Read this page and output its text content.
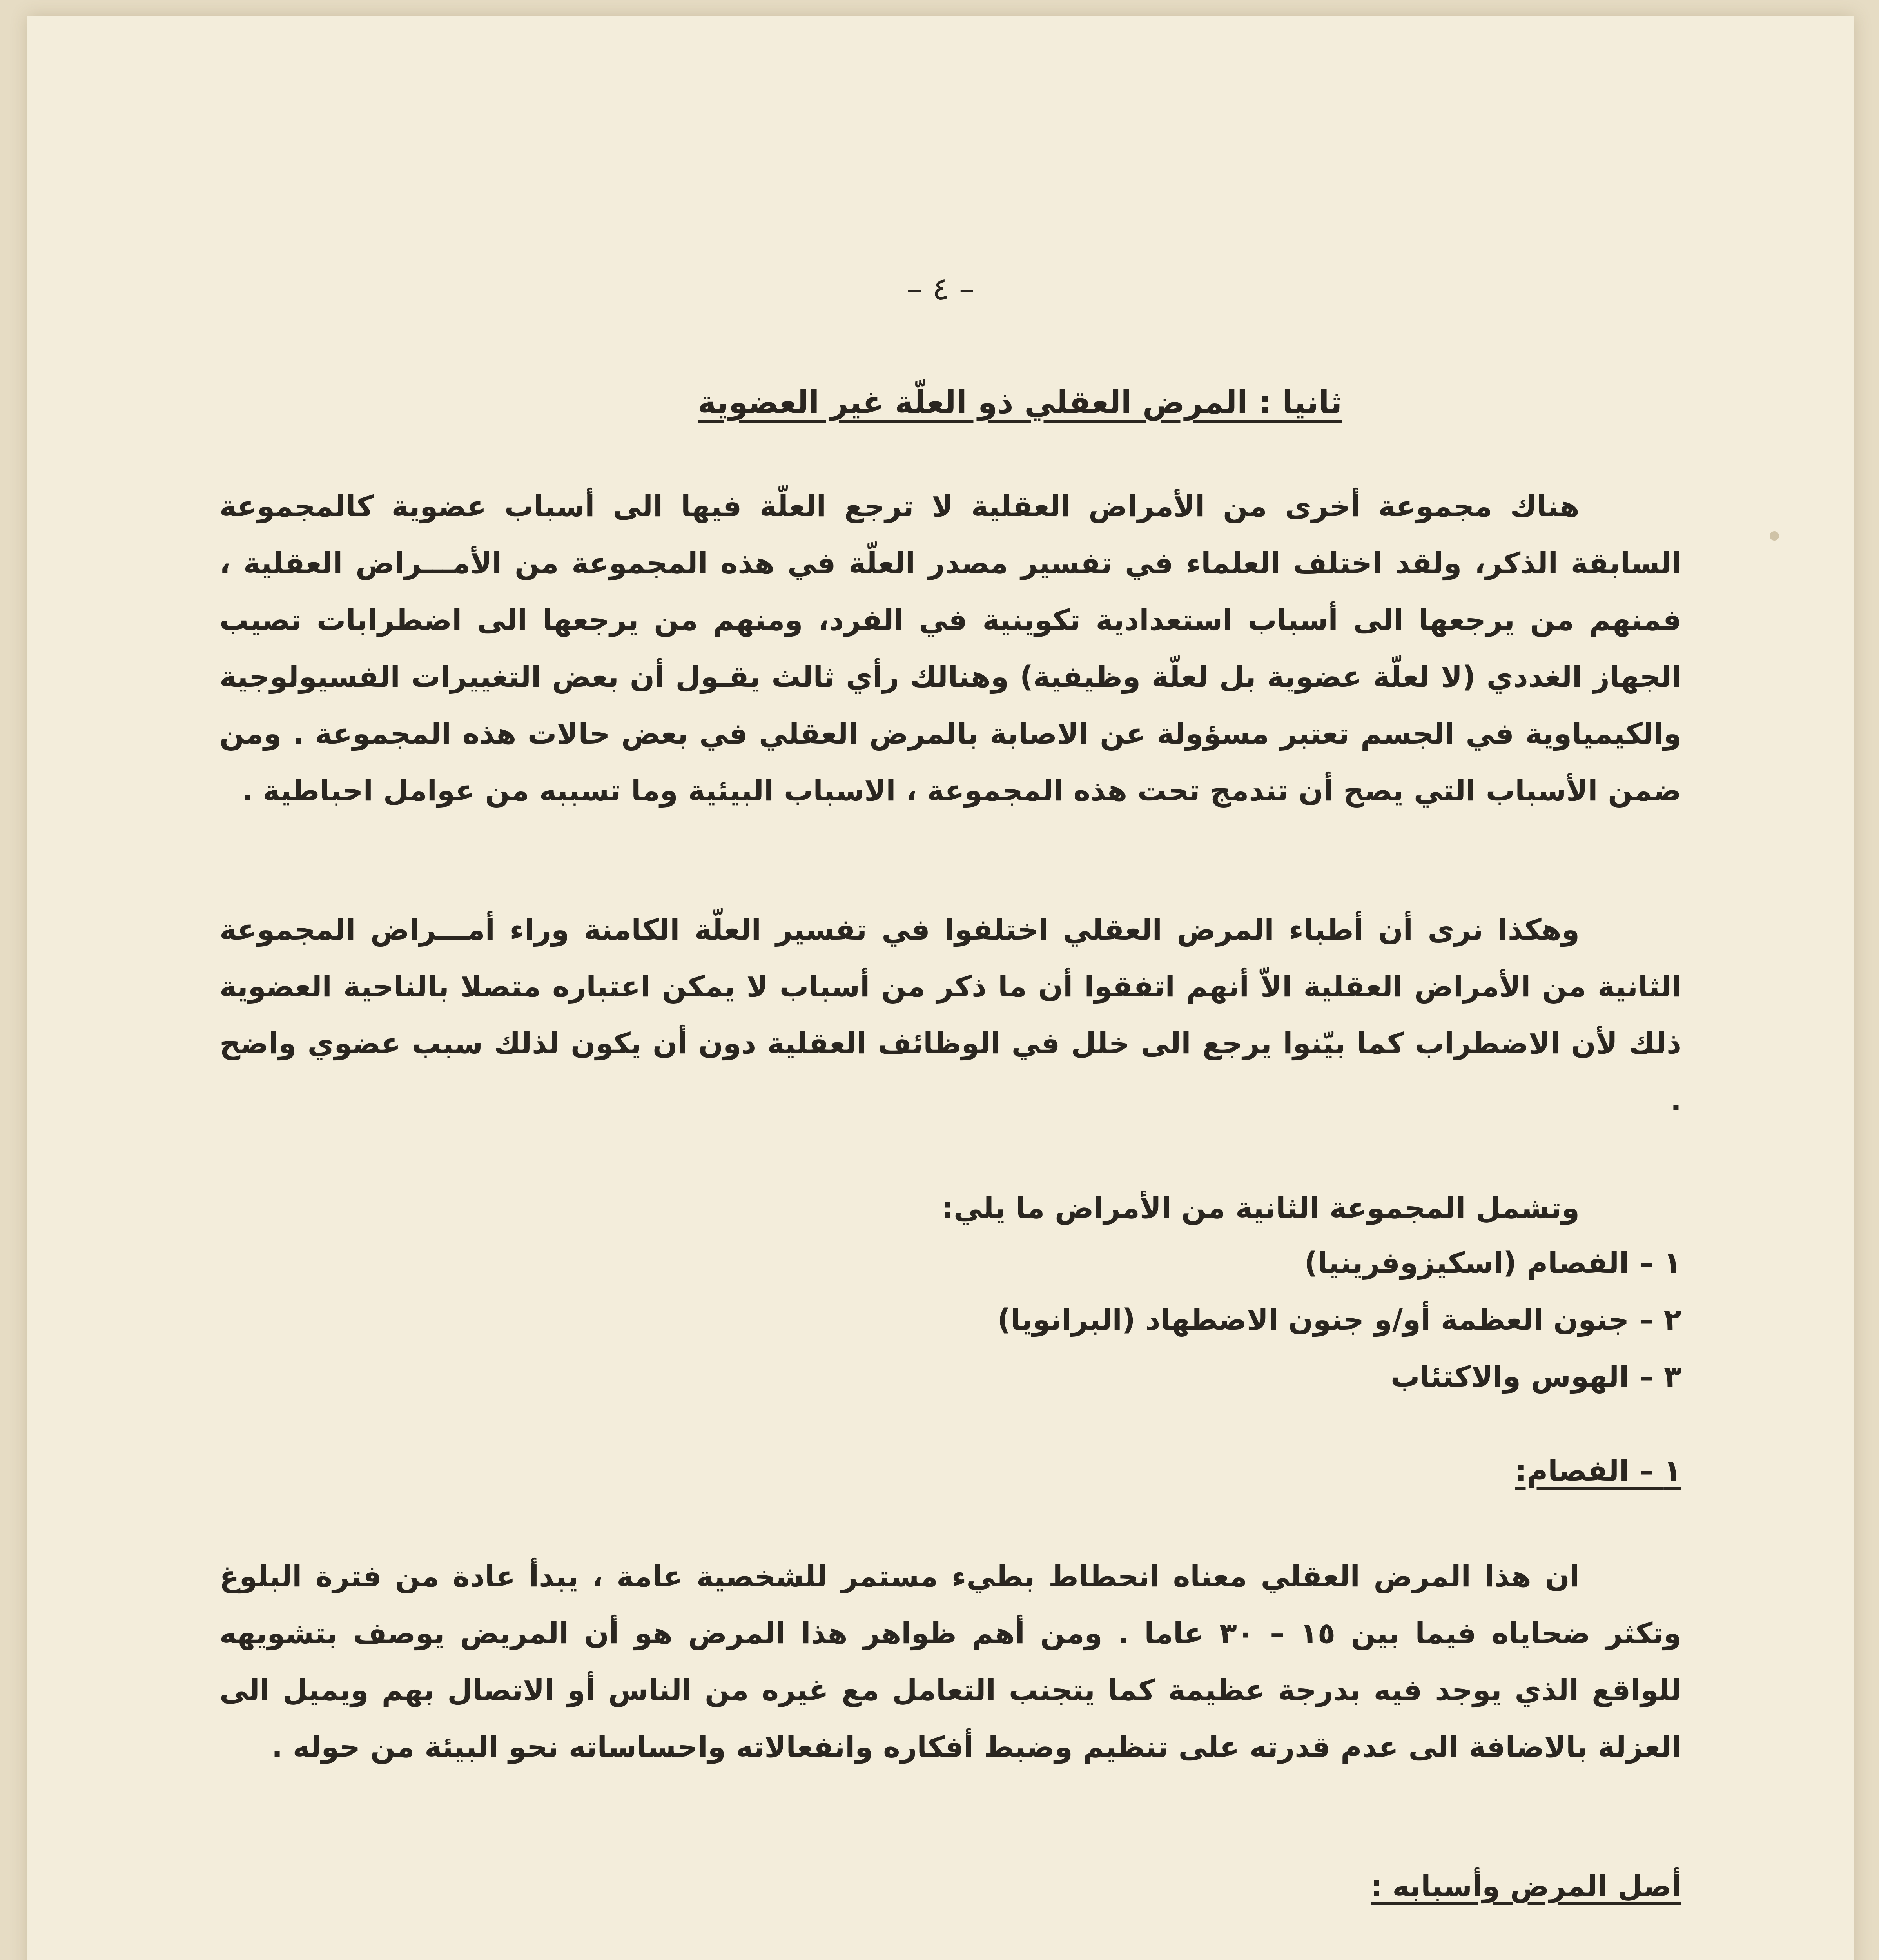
– ٤ –
ثانيا : المرض العقلي ذو العلّة غير العضوية

هناك مجموعة أخرى من الأمراض العقلية لا ترجع العلّة فيها الى أسباب عضوية كالمجموعة السابقة الذكر، ولقد اختلف العلماء في تفسير مصدر العلّة في هذه المجموعة من الأمـــراض العقلية ، فمنهم من يرجعها الى أسباب استعدادية تكوينية في الفرد، ومنهم من يرجعها الى اضطرابات تصيب الجهاز الغددي (لا لعلّة عضوية بل لعلّة وظيفية) وهنالك رأي ثالث يقـول أن بعض التغييرات الفسيولوجية والكيمياوية في الجسم تعتبر مسؤولة عن الاصابة بالمرض العقلي في بعض حالات هذه المجموعة . ومن ضمن الأسباب التي يصح أن تندمج تحت هذه المجموعة ، الاسباب البيئية وما تسببه من عوامل احباطية .

وهكذا نرى أن أطباء المرض العقلي اختلفوا في تفسير العلّة الكامنة وراء أمـــراض المجموعة الثانية من الأمراض العقلية الاّ أنهم اتفقوا أن ما ذكر من أسباب لا يمكن اعتباره متصلا بالناحية العضوية ذلك لأن الاضطراب كما بيّنوا يرجع الى خلل في الوظائف العقلية دون أن يكون لذلك سبب عضوي واضح .

وتشمل المجموعة الثانية من الأمراض ما يلي:

١ – الفصام (اسكيزوفرينيا)

٢ – جنون العظمة أو/و جنون الاضطهاد (البرانويا)

٣ – الهوس والاكتئاب

١ – الفصام:

ان هذا المرض العقلي معناه انحطاط بطيء مستمر للشخصية عامة ، يبدأ عادة من فترة البلوغ وتكثر ضحاياه فيما بين ١٥ – ٣٠ عاما . ومن أهم ظواهر هذا المرض هو أن المريض يوصف بتشويهه للواقع الذي يوجد فيه بدرجة عظيمة كما يتجنب التعامل مع غيره من الناس أو الاتصال بهم ويميل الى العزلة بالاضافة الى عدم قدرته على تنظيم وضبط أفكاره وانفعالاته واحساساته نحو البيئة من حوله .

أصل المرض وأسبابه :
